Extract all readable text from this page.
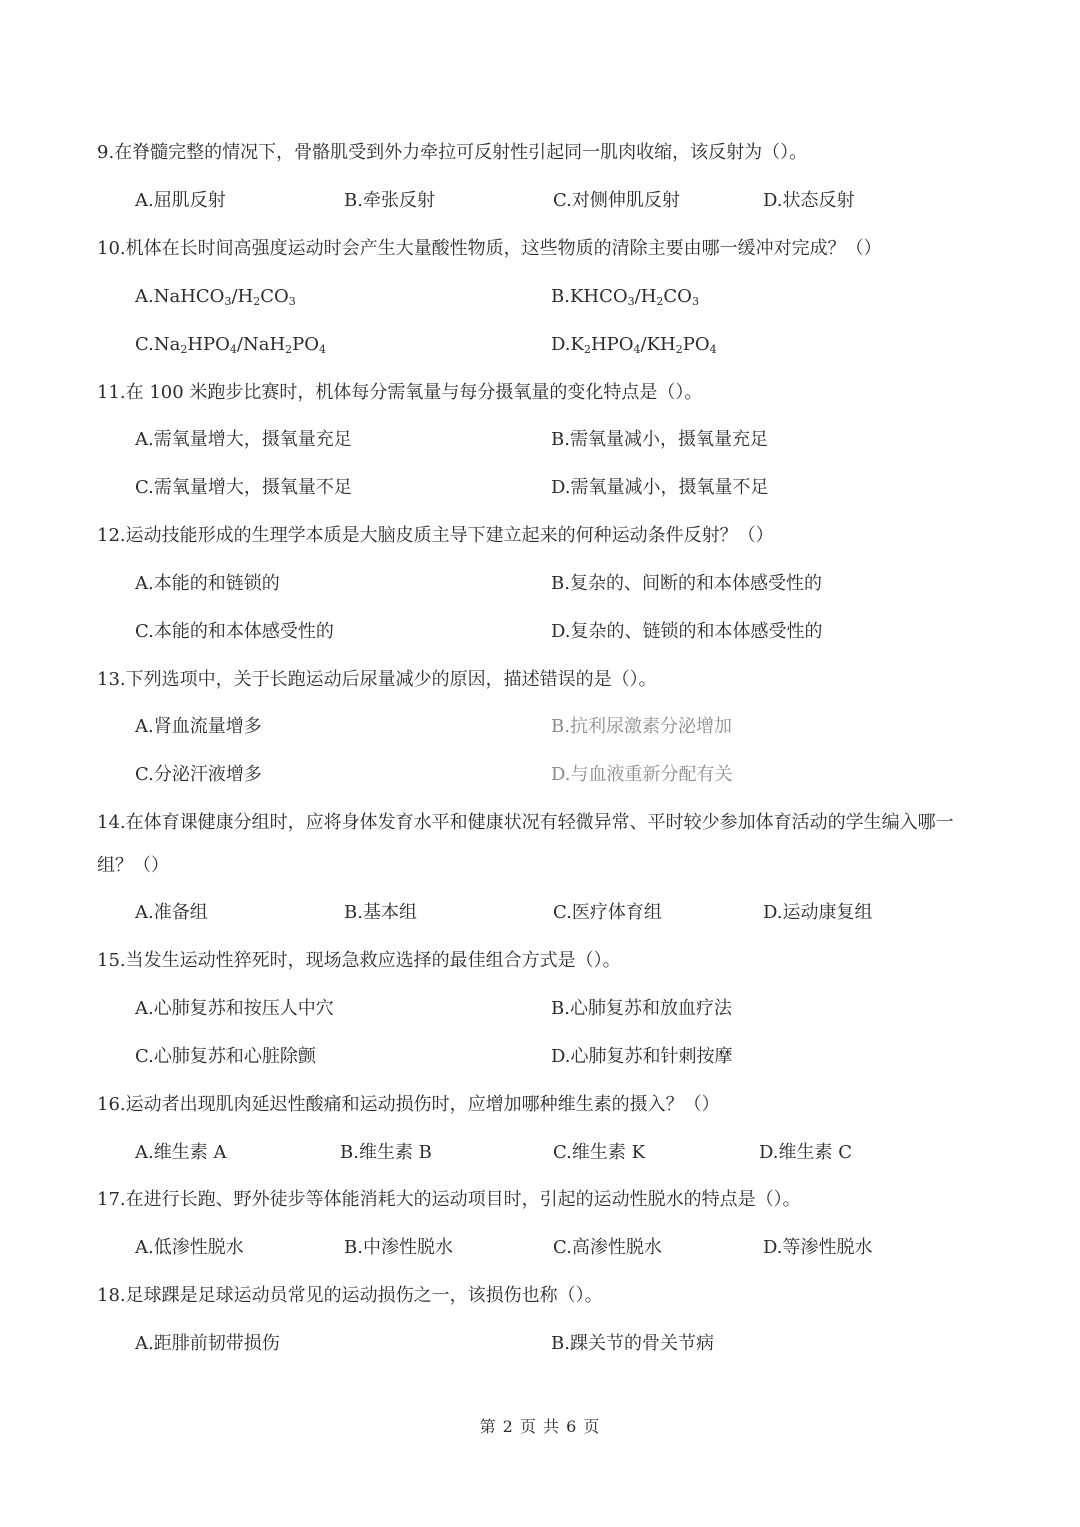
9.在脊髓完整的情况下，骨骼肌受到外力牵拉可反射性引起同一肌肉收缩，该反射为（）。
A.屈肌反射	B.牵张反射	C.对侧伸肌反射	D.状态反射
10.机体在长时间高强度运动时会产生大量酸性物质，这些物质的清除主要由哪一缓冲对完成？（）
$A.NaHCO_3/H_2CO_3$	$B.KHCO_3/H_2CO_3$
$C.Na_2HPO_4/NaH_2PO_4$	$D.K_2HPO_4/KH_2PO_4$
11.在 100 米跑步比赛时，机体每分需氧量与每分摄氧量的变化特点是（）。
A.需氧量增大，摄氧量充足	B.需氧量减小，摄氧量充足
C.需氧量增大，摄氧量不足	D.需氧量减小，摄氧量不足
12.运动技能形成的生理学本质是大脑皮质主导下建立起来的何种运动条件反射？（）
A.本能的和链锁的	B.复杂的、间断的和本体感受性的
C.本能的和本体感受性的	D.复杂的、链锁的和本体感受性的
13.下列选项中，关于长跑运动后尿量减少的原因，描述错误的是（）。
A.肾血流量增多	B.抗利尿激素分泌增加
C.分泌汗液增多	D.与血液重新分配有关
14.在体育课健康分组时，应将身体发育水平和健康状况有轻微异常、平时较少参加体育活动的学生编入哪一组？（）
A.准备组	B.基本组	C.医疗体育组	D.运动康复组
15.当发生运动性猝死时，现场急救应选择的最佳组合方式是（）。
A.心肺复苏和按压人中穴	B.心肺复苏和放血疗法
C.心肺复苏和心脏除颤	D.心肺复苏和针刺按摩
16.运动者出现肌肉延迟性酸痛和运动损伤时，应增加哪种维生素的摄入？（）
A.维生素 A	B.维生素 B	C.维生素 K	D.维生素 C
17.在进行长跑、野外徒步等体能消耗大的运动项目时，引起的运动性脱水的特点是（）。
A.低渗性脱水	B.中渗性脱水	C.高渗性脱水	D.等渗性脱水
18.足球踝是足球运动员常见的运动损伤之一，该损伤也称（）。
A.距腓前韧带损伤	B.踝关节的骨关节病
第 2 页 共 6 页
